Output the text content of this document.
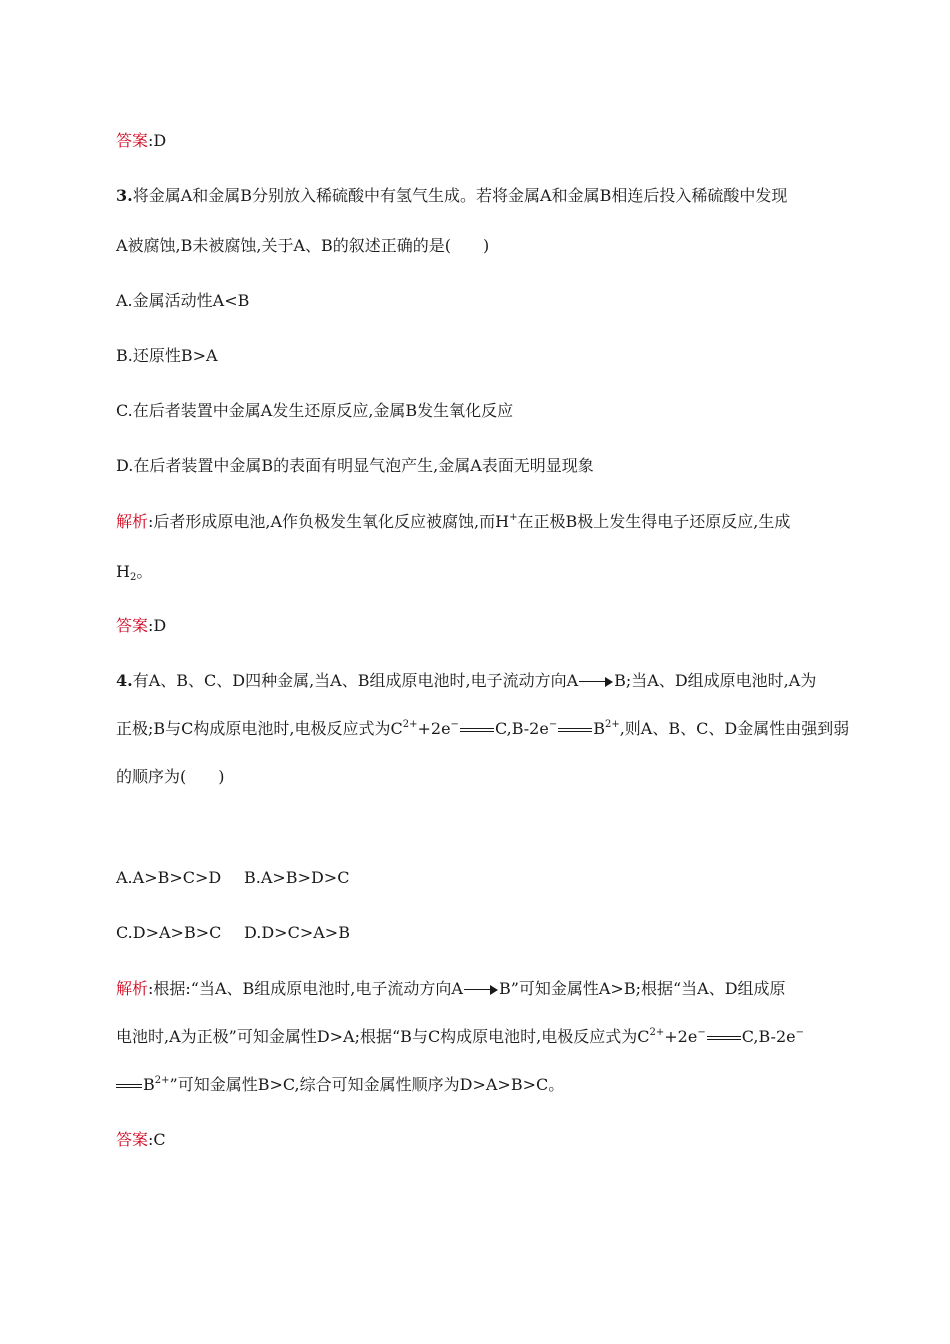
答案:D
3.将金属A和金属B分别放入稀硫酸中有氢气生成。若将金属A和金属B相连后投入稀硫酸中发现
A被腐蚀,B未被腐蚀,关于A、B的叙述正确的是(　　)
A.金属活动性A<B
B.还原性B>A
C.在后者装置中金属A发生还原反应,金属B发生氧化反应
D.在后者装置中金属B的表面有明显气泡产生,金属A表面无明显现象
解析:后者形成原电池,A作负极发生氧化反应被腐蚀,而H+在正极B极上发生得电子还原反应,生成
$H_2$。
答案:D
4.有A、B、C、D四种金属,当A、B组成原电池时,电子流动方向A B;当A、D组成原电池时,A为
正极;B与C构成原电池时,电极反应式为$C^{2+}+2e^-$ C,B-2e− $B^{2+}$,则A、B、C、D金属性由强到弱
的顺序为(　　)
A.A>B>C>D B.A>B>D>C
C.D>A>B>C D.D>C>A>B
解析:根据:“当A、B组成原电池时,电子流动方向A B”可知金属性A>B;根据“当A、D组成原
电池时,A为正极”可知金属性D>A;根据“B与C构成原电池时,电极反应式为$C^{2+}+2e^-$ C,B-2e−
$B^{2+}$”可知金属性B>C,综合可知金属性顺序为D>A>B>C。
答案:C
